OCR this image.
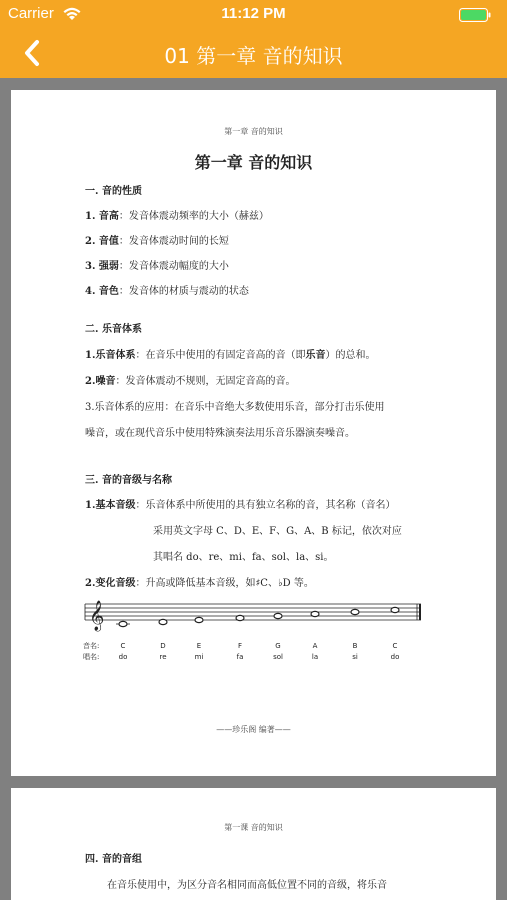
Carrier	11:12 PM
01 第一章 音的知识
第一章 音的知识
第一章 音的知识
一. 音的性质
1. 音高：发音体震动频率的大小（赫兹）
2. 音值：发音体震动时间的长短
3. 强弱：发音体震动幅度的大小
4. 音色：发音体的材质与震动的状态
二. 乐音体系
1.乐音体系：在音乐中使用的有固定音高的音（即乐音）的总和。
2.噪音：发音体震动不规则，无固定音高的音。
3.乐音体系的应用：在音乐中音绝大多数使用乐音，部分打击乐使用
噪音，或在现代音乐中使用特殊演奏法用乐音乐器演奏噪音。
三. 音的音级与名称
1.基本音级：乐音体系中所使用的具有独立名称的音，其名称（音名）
采用英文字母 C、D、E、F、G、A、B 标记，依次对应
其唱名 do、re、mi、fa、sol、la、si。
2.变化音级：升高或降低基本音级，如♯C、♭D 等。
𝄞
音名:
唱名:
C
do
D
re
E
mi
F
fa
G
sol
A
la
B
si
C
do
——珍乐阁 编著——
第一课 音的知识
四. 音的音组
在音乐使用中，为区分音名相同而高低位置不同的音级，将乐音
